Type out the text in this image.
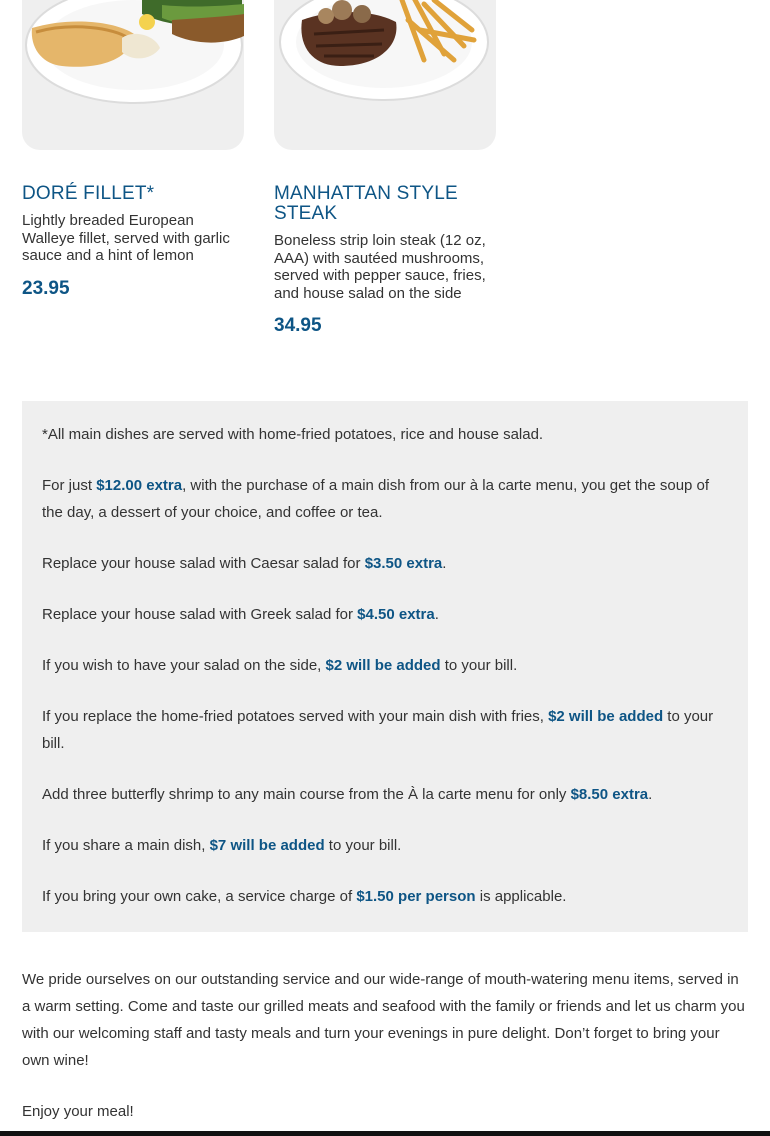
DORÉ FILLET*

Lightly breaded European Walleye fillet, served with garlic sauce and a hint of lemon

23.95

MANHATTAN STYLE STEAK

Boneless strip loin steak (12 oz, AAA) with sautéed mushrooms, served with pepper sauce, fries, and house salad on the side

34.95

*All main dishes are served with home-fried potatoes, rice and house salad.

For just $12.00 extra, with the purchase of a main dish from our à la carte menu, you get the soup of the day, a dessert of your choice, and coffee or tea.

Replace your house salad with Caesar salad for $3.50 extra.

Replace your house salad with Greek salad for $4.50 extra.

If you wish to have your salad on the side, $2 will be added to your bill.

If you replace the home-fried potatoes served with your main dish with fries, $2 will be added to your bill.

Add three butterfly shrimp to any main course from the À la carte menu for only $8.50 extra.

If you share a main dish, $7 will be added to your bill.

If you bring your own cake, a service charge of $1.50 per person is applicable.

We pride ourselves on our outstanding service and our wide-range of mouth-watering menu items, served in a warm setting. Come and taste our grilled meats and seafood with the family or friends and let us charm you with our welcoming staff and tasty meals and turn your evenings in pure delight. Don’t forget to bring your own wine!

Enjoy your meal!
